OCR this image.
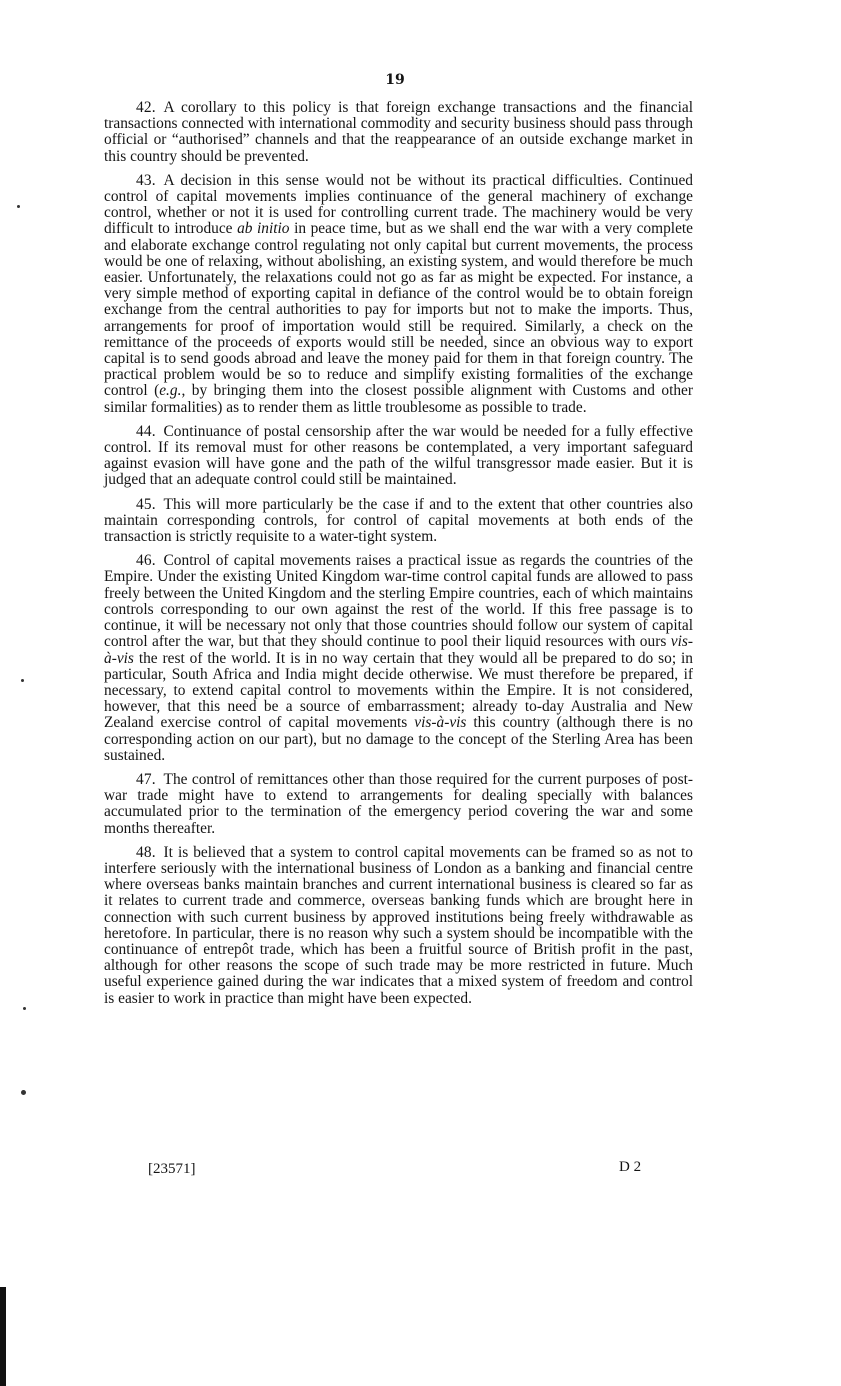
19

42.  A corollary to this policy is that foreign exchange transactions and the financial transactions connected with international commodity and security business should pass through official or “authorised” channels and that the reappearance of an outside exchange market in this country should be prevented.

43.  A decision in this sense would not be without its practical difficulties. Continued control of capital movements implies continuance of the general machinery of exchange control, whether or not it is used for controlling current trade. The machinery would be very difficult to introduce ab initio in peace time, but as we shall end the war with a very complete and elaborate exchange control regulating not only capital but current movements, the process would be one of relaxing, without abolishing, an existing system, and would therefore be much easier. Unfortunately, the relaxations could not go as far as might be expected. For instance, a very simple method of exporting capital in defiance of the control would be to obtain foreign exchange from the central authorities to pay for imports but not to make the imports. Thus, arrangements for proof of importation would still be required. Similarly, a check on the remittance of the proceeds of exports would still be needed, since an obvious way to export capital is to send goods abroad and leave the money paid for them in that foreign country. The practical problem would be so to reduce and simplify existing formalities of the exchange control (e.g., by bringing them into the closest possible alignment with Customs and other similar formalities) as to render them as little troublesome as possible to trade.

44.  Continuance of postal censorship after the war would be needed for a fully effective control. If its removal must for other reasons be contemplated, a very important safeguard against evasion will have gone and the path of the wilful transgressor made easier. But it is judged that an adequate control could still be maintained.

45.  This will more particularly be the case if and to the extent that other countries also maintain corresponding controls, for control of capital movements at both ends of the transaction is strictly requisite to a water-tight system.

46.  Control of capital movements raises a practical issue as regards the countries of the Empire. Under the existing United Kingdom war-time control capital funds are allowed to pass freely between the United Kingdom and the sterling Empire countries, each of which maintains controls corresponding to our own against the rest of the world. If this free passage is to continue, it will be necessary not only that those countries should follow our system of capital control after the war, but that they should continue to pool their liquid resources with ours vis-à-vis the rest of the world. It is in no way certain that they would all be prepared to do so; in particular, South Africa and India might decide otherwise. We must therefore be prepared, if necessary, to extend capital control to movements within the Empire. It is not considered, however, that this need be a source of embarrassment; already to-day Australia and New Zealand exercise control of capital movements vis-à-vis this country (although there is no corresponding action on our part), but no damage to the concept of the Sterling Area has been sustained.

47.  The control of remittances other than those required for the current purposes of post-war trade might have to extend to arrangements for dealing specially with balances accumulated prior to the termination of the emergency period covering the war and some months thereafter.

48.  It is believed that a system to control capital movements can be framed so as not to interfere seriously with the international business of London as a banking and financial centre where overseas banks maintain branches and current international business is cleared so far as it relates to current trade and commerce, overseas banking funds which are brought here in connection with such current business by approved institutions being freely withdrawable as heretofore. In particular, there is no reason why such a system should be incompatible with the continuance of entrepôt trade, which has been a fruitful source of British profit in the past, although for other reasons the scope of such trade may be more restricted in future. Much useful experience gained during the war indicates that a mixed system of freedom and control is easier to work in practice than might have been expected.

[23571]	D 2
